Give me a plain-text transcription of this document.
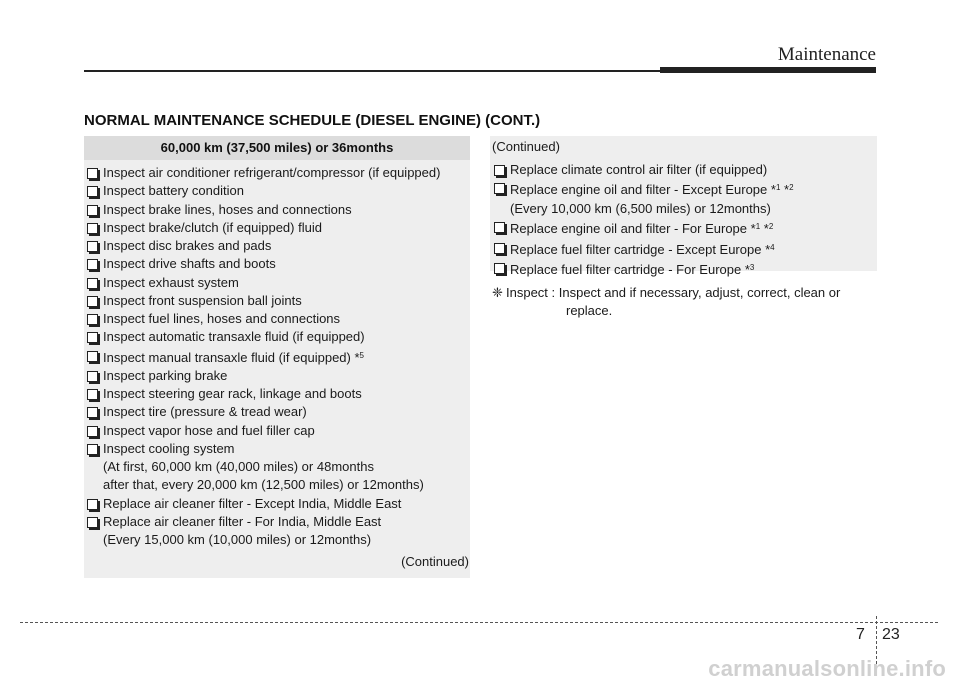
Maintenance
NORMAL MAINTENANCE SCHEDULE (DIESEL ENGINE) (CONT.)
60,000 km (37,500 miles) or 36months
Inspect air conditioner refrigerant/compressor (if equipped)
Inspect battery condition
Inspect brake lines, hoses and connections
Inspect brake/clutch (if equipped) fluid
Inspect disc brakes and pads
Inspect drive shafts and boots
Inspect exhaust system
Inspect front suspension ball joints
Inspect fuel lines, hoses and connections
Inspect automatic transaxle fluid (if equipped)
Inspect manual transaxle fluid (if equipped) *$^5$
Inspect parking brake
Inspect steering gear rack, linkage and boots
Inspect tire (pressure & tread wear)
Inspect vapor hose and fuel filler cap
Inspect cooling system
(At first, 60,000 km (40,000 miles) or 48months
after that, every 20,000 km (12,500 miles) or 12months)
Replace air cleaner filter - Except India, Middle East
Replace air cleaner filter - For India, Middle East
(Every 15,000 km (10,000 miles) or 12months)
(Continued)
(Continued)
Replace climate control air filter (if equipped)
Replace engine oil and filter - Except Europe *$^1$ *$^2$
(Every 10,000 km (6,500 miles) or 12months)
Replace engine oil and filter - For Europe *$^1$ *$^2$
Replace fuel filter cartridge - Except Europe *$^4$
Replace fuel filter cartridge - For Europe *$^3$
❈ Inspect : Inspect and if necessary, adjust, correct, clean or
replace.
7 23
carmanualsonline.info
